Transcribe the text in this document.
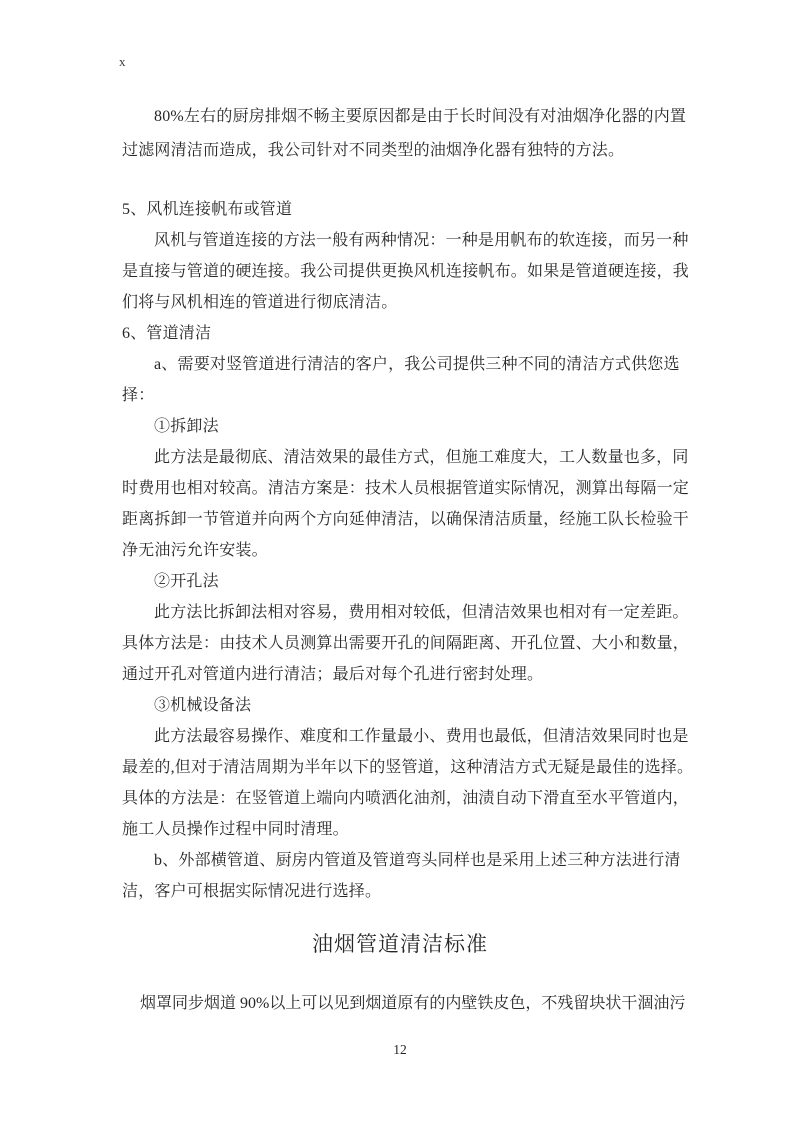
x
80%左右的厨房排烟不畅主要原因都是由于长时间没有对油烟净化器的内置
过滤网清洁而造成，我公司针对不同类型的油烟净化器有独特的方法。
5、风机连接帆布或管道
风机与管道连接的方法一般有两种情况：一种是用帆布的软连接，而另一种
是直接与管道的硬连接。我公司提供更换风机连接帆布。如果是管道硬连接，我
们将与风机相连的管道进行彻底清洁。
6、管道清洁
a、需要对竖管道进行清洁的客户，我公司提供三种不同的清洁方式供您选
择：
①拆卸法
此方法是最彻底、清洁效果的最佳方式，但施工难度大，工人数量也多，同
时费用也相对较高。清洁方案是：技术人员根据管道实际情况，测算出每隔一定
距离拆卸一节管道并向两个方向延伸清洁，以确保清洁质量，经施工队长检验干
净无油污允许安装。
②开孔法
此方法比拆卸法相对容易，费用相对较低，但清洁效果也相对有一定差距。
具体方法是：由技术人员测算出需要开孔的间隔距离、开孔位置、大小和数量，
通过开孔对管道内进行清洁；最后对每个孔进行密封处理。
③机械设备法
此方法最容易操作、难度和工作量最小、费用也最低，但清洁效果同时也是
最差的,但对于清洁周期为半年以下的竖管道，这种清洁方式无疑是最佳的选择。
具体的方法是：在竖管道上端向内喷洒化油剂，油渍自动下滑直至水平管道内，
施工人员操作过程中同时清理。
b、外部横管道、厨房内管道及管道弯头同样也是采用上述三种方法进行清
洁，客户可根据实际情况进行选择。
油烟管道清洁标准
烟罩同步烟道 90%以上可以见到烟道原有的内壁铁皮色，不残留块状干涸油污
12
